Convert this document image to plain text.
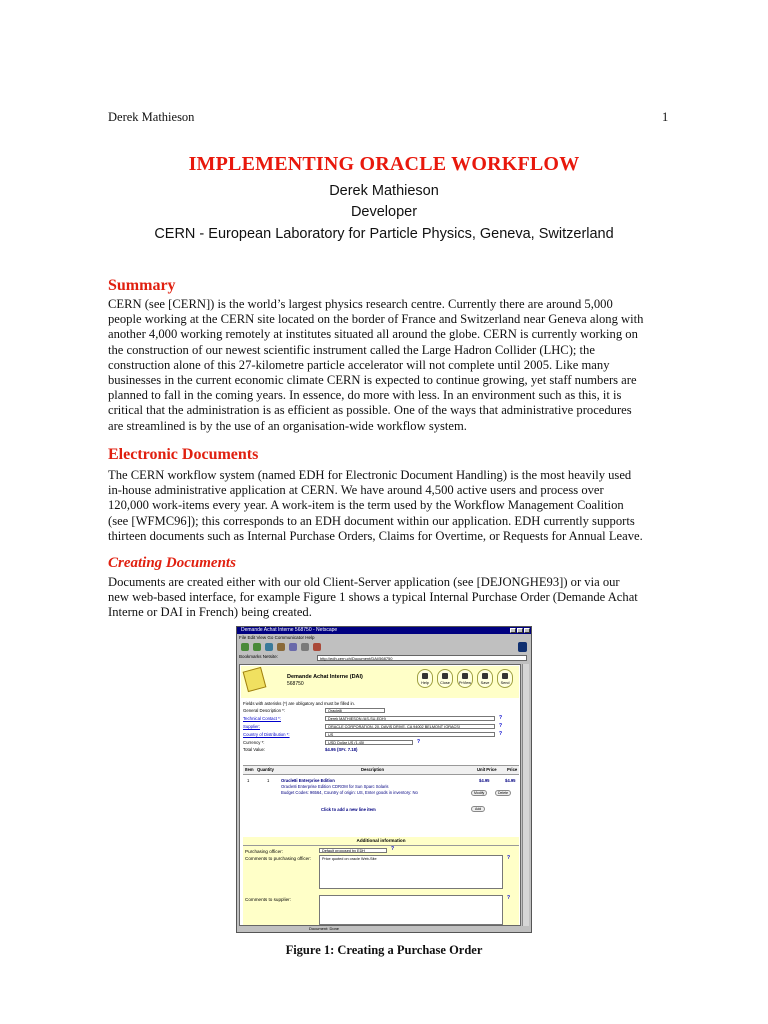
Derek Mathieson	1
IMPLEMENTING ORACLE WORKFLOW
Derek Mathieson
Developer
CERN - European Laboratory for Particle Physics, Geneva, Switzerland
Summary
CERN (see [CERN]) is the world’s largest physics research centre. Currently there are around 5,000
people working at the CERN site located on the border of France and Switzerland near Geneva along with
another 4,000 working remotely at institutes situated all around the globe. CERN is currently working on
the construction of our newest scientific instrument called the Large Hadron Collider (LHC); the
construction alone of this 27-kilometre particle accelerator will not complete until 2005. Like many
businesses in the current economic climate CERN is expected to continue growing, yet staff numbers are
planned to fall in the coming years. In essence, do more with less. In an environment such as this, it is
critical that the administration is as efficient as possible. One of the ways that administrative procedures
are streamlined is by the use of an organisation-wide workflow system.
Electronic Documents
The CERN workflow system (named EDH for Electronic Document Handling) is the most heavily used
in-house administrative application at CERN. We have around 4,500 active users and process over
120,000 work-items every year. A work-item is the term used by the Workflow Management Coalition
(see [WFMC96]); this corresponds to an EDH document within our application. EDH currently supports
thirteen documents such as Internal Purchase Orders, Claims for Overtime, or Requests for Annual Leave.
Creating Documents
Documents are created either with our old Client-Server application (see [DEJONGHE93]) or via our
new web-based interface, for example Figure 1 shows a typical Internal Purchase Order (Demande Achat
Interne or DAI in French) being created.
Demande Achat Interne 568750 - Netscape
File Edit View Go Communicator Help
Bookmarks Netsite:	http://edh.cern.ch/Document/DAI/568750
Demande Achat Interne (DAI)
568750	Help	Close	PrView	Save	Send
Fields with asterisks (*) are obligatory and must be filled in.
General Description *:	Oracle8i
Technical Contact *:	Derek MATHIESON (AS-SU-EDH)	?
Supplier:	ORACLE CORPORATION, 20, DAVIS DRIVE, CA 94002 BELMONT (ORACS)	?
Country of Distribution *:	US	?
Currency *:	USD Dollar US (1.45)	?
Total Value:	$4.95 (SFr. 7.18)
Item Quantity	Description	Unit Price Price
1	1	Oracle8i Enterprise Edition
Oracle8i Enterprise Edition CDROM for Sun Sparc Solaris
Budget Codes: 96564, Country of origin: US, Enter goods in inventory: No
$4.95	$4.95
Modify	Delete
Click to add a new line item	Add
Additional information
Purchasing officer:	Default proposed by EDH	?
Comments to purchasing officer:	Price quoted on oracle Web-Site	?
Comments to supplier:	?
Document: Done
Figure 1: Creating a Purchase Order
